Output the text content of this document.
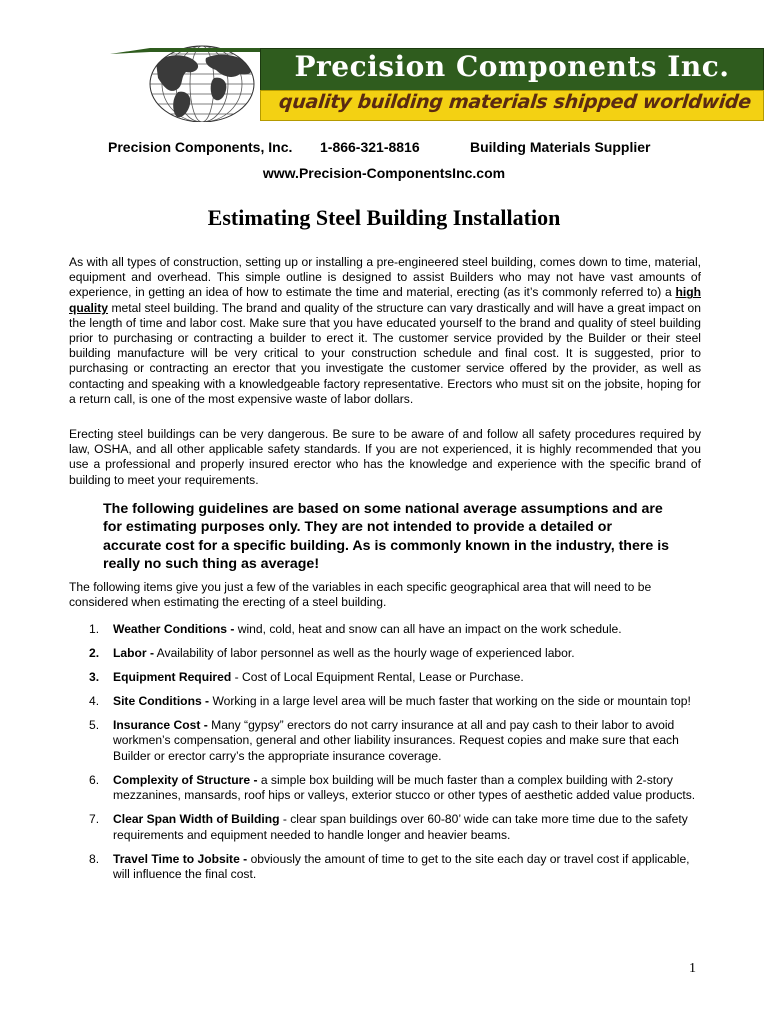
Precision Components Inc.
quality building materials shipped worldwide
Precision Components, Inc. 1-866-321-8816	Building Materials Supplier
www.Precision-ComponentsInc.com
Estimating Steel Building Installation
As with all types of construction, setting up or installing a pre-engineered steel building, comes down to time, material, equipment and overhead. This simple outline is designed to assist Builders who may not have vast amounts of experience, in getting an idea of how to estimate the time and material, erecting (as it’s commonly referred to) a high quality metal steel building. The brand and quality of the structure can vary drastically and will have a great impact on the length of time and labor cost. Make sure that you have educated yourself to the brand and quality of steel building prior to purchasing or contracting a builder to erect it. The customer service provided by the Builder or their steel building manufacture will be very critical to your construction schedule and final cost. It is suggested, prior to purchasing or contracting an erector that you investigate the customer service offered by the provider, as well as contacting and speaking with a knowledgeable factory representative. Erectors who must sit on the jobsite, hoping for a return call, is one of the most expensive waste of labor dollars.
Erecting steel buildings can be very dangerous. Be sure to be aware of and follow all safety procedures required by law, OSHA, and all other applicable safety standards. If you are not experienced, it is highly recommended that you use a professional and properly insured erector who has the knowledge and experience with the specific brand of building to meet your requirements.
The following guidelines are based on some national average assumptions and are for estimating purposes only. They are not intended to provide a detailed or accurate cost for a specific building. As is commonly known in the industry, there is really no such thing as average!
The following items give you just a few of the variables in each specific geographical area that will need to be considered when estimating the erecting of a steel building.
1. Weather Conditions - wind, cold, heat and snow can all have an impact on the work schedule.
2. Labor - Availability of labor personnel as well as the hourly wage of experienced labor.
3. Equipment Required - Cost of Local Equipment Rental, Lease or Purchase.
4. Site Conditions - Working in a large level area will be much faster that working on the side or mountain top!
5. Insurance Cost - Many “gypsy” erectors do not carry insurance at all and pay cash to their labor to avoid workmen’s compensation, general and other liability insurances. Request copies and make sure that each Builder or erector carry’s the appropriate insurance coverage.
6. Complexity of Structure - a simple box building will be much faster than a complex building with 2-story mezzanines, mansards, roof hips or valleys, exterior stucco or other types of aesthetic added value products.
7. Clear Span Width of Building - clear span buildings over 60-80’ wide can take more time due to the safety requirements and equipment needed to handle longer and heavier beams.
8. Travel Time to Jobsite - obviously the amount of time to get to the site each day or travel cost if applicable, will influence the final cost.
1
